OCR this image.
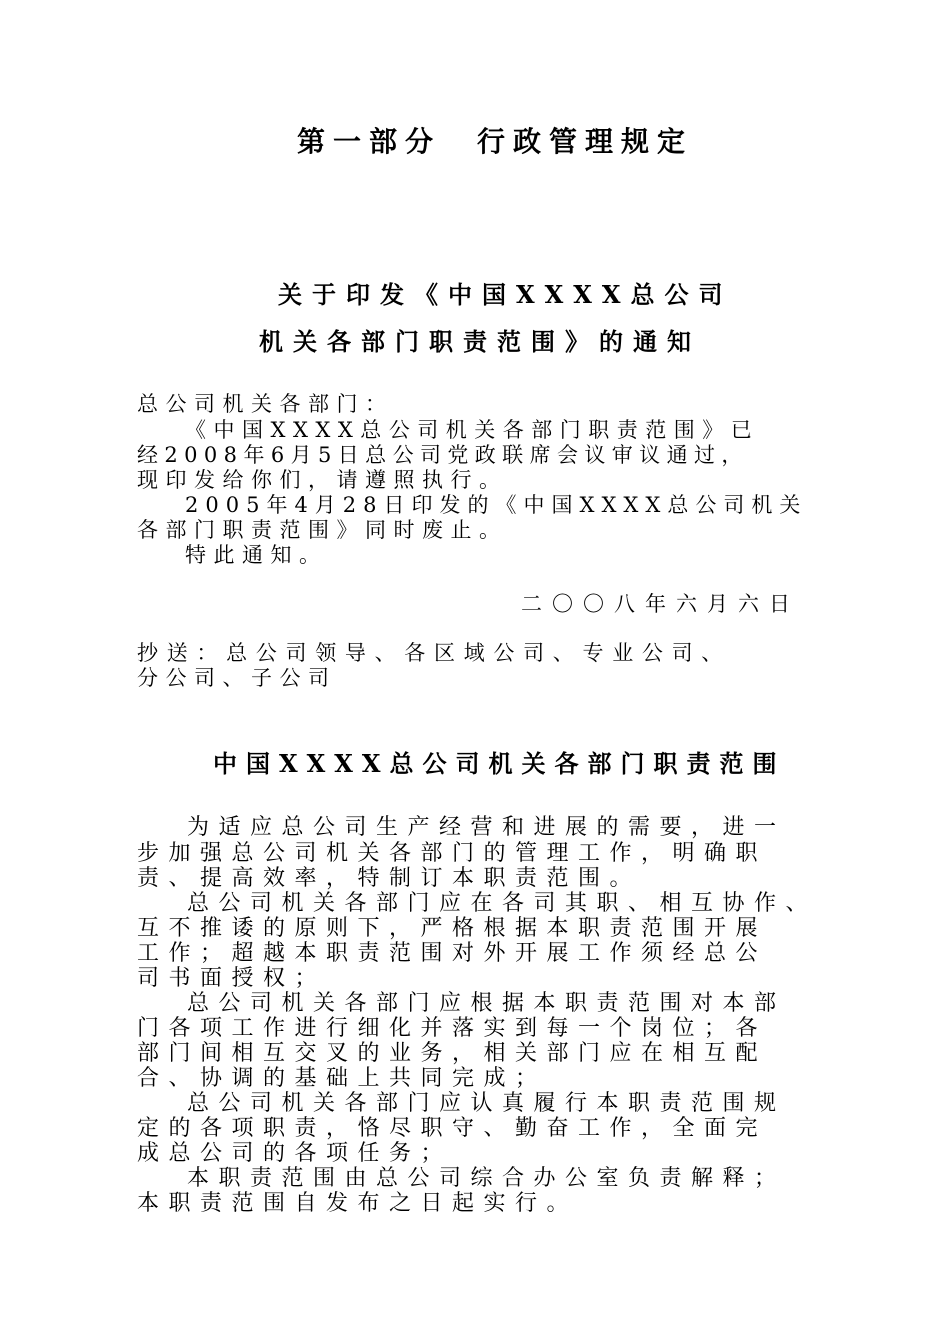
第一部分　行政管理规定
关于印发《中国XXXX总公司
机关各部门职责范围》的通知
总公司机关各部门：
《中国XXXX总公司机关各部门职责范围》已
经2008年6月5日总公司党政联席会议审议通过，
现印发给你们，请遵照执行。
2005年4月28日印发的《中国XXXX总公司机关
各部门职责范围》同时废止。
特此通知。
二〇〇八年六月六日
抄送：总公司领导、各区域公司、专业公司、
分公司、子公司
中国XXXX总公司机关各部门职责范围
为适应总公司生产经营和进展的需要，进一
步加强总公司机关各部门的管理工作，明确职
责、提高效率，特制订本职责范围。
总公司机关各部门应在各司其职、相互协作、
互不推诿的原则下，严格根据本职责范围开展
工作；超越本职责范围对外开展工作须经总公
司书面授权；
总公司机关各部门应根据本职责范围对本部
门各项工作进行细化并落实到每一个岗位；各
部门间相互交叉的业务，相关部门应在相互配
合、协调的基础上共同完成；
总公司机关各部门应认真履行本职责范围规
定的各项职责，恪尽职守、勤奋工作，全面完
成总公司的各项任务；
本职责范围由总公司综合办公室负责解释；
本职责范围自发布之日起实行。
